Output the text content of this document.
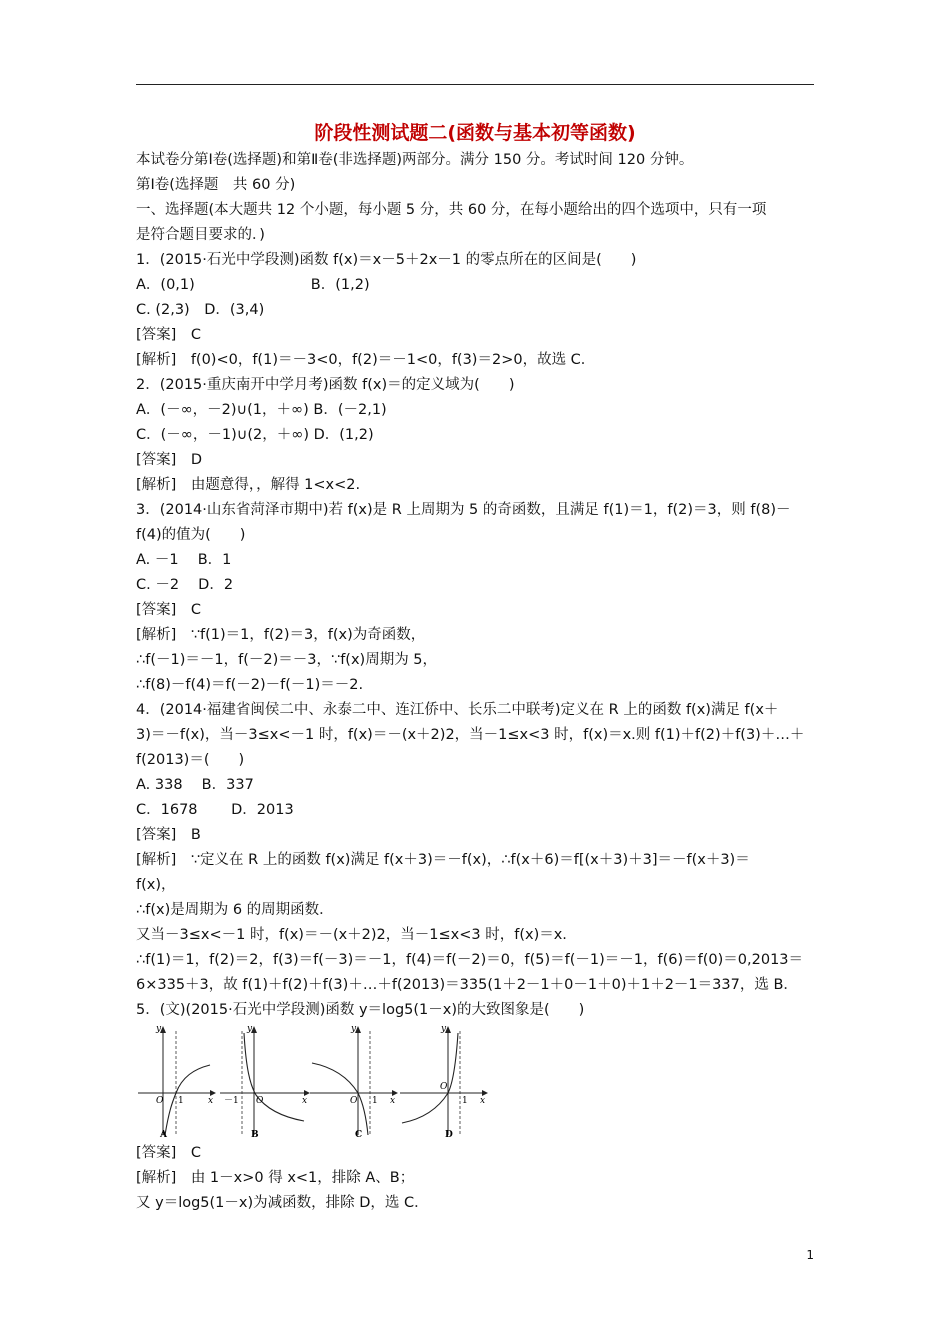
阶段性测试题二(函数与基本初等函数)
本试卷分第Ⅰ卷(选择题)和第Ⅱ卷(非选择题)两部分。满分 150 分。考试时间 120 分钟。
第Ⅰ卷(选择题　共 60 分)
一、选择题(本大题共 12 个小题，每小题 5 分，共 60 分，在每小题给出的四个选项中，只有一项
是符合题目要求的．)
1．(2015·石光中学段测)函数 f(x)＝x－5＋2x－1 的零点所在的区间是(　　)
A．(0,1)　　　　　　　　B．(1,2)
C. (2,3)　D．(3,4)
[答案]　C
[解析]　f(0)<0，f(1)＝－3<0，f(2)＝－1<0，f(3)＝2>0，故选 C．
2．(2015·重庆南开中学月考)函数 f(x)＝的定义域为(　　)
A．(－∞，－2)∪(1，＋∞) B．(－2,1)
C．(－∞，－1)∪(2，＋∞) D．(1,2)
[答案]　D
[解析]　由题意得，，解得 1<x<2.
3．(2014·山东省菏泽市期中)若 f(x)是 R 上周期为 5 的奇函数，且满足 f(1)＝1，f(2)＝3，则 f(8)－
f(4)的值为(　　)
A. －1　 B．1
C. －2　 D．2
[答案]　C
[解析]　∵f(1)＝1，f(2)＝3，f(x)为奇函数，
∴f(－1)＝－1，f(－2)＝－3，∵f(x)周期为 5，
∴f(8)－f(4)＝f(－2)－f(－1)＝－2.
4．(2014·福建省闽侯二中、永泰二中、连江侨中、长乐二中联考)定义在 R 上的函数 f(x)满足 f(x＋
3)＝－f(x)，当－3≤x<－1 时，f(x)＝－(x＋2)2，当－1≤x<3 时，f(x)＝x.则 f(1)＋f(2)＋f(3)＋…＋
f(2013)＝(　　)
A. 338　 B．337
C．1678　　 D．2013
[答案]　B
[解析]　∵定义在 R 上的函数 f(x)满足 f(x＋3)＝－f(x)，∴f(x＋6)＝f[(x＋3)＋3]＝－f(x＋3)＝
f(x)，
∴f(x)是周期为 6 的周期函数．
又当－3≤x<－1 时，f(x)＝－(x＋2)2，当－1≤x<3 时，f(x)＝x.
∴f(1)＝1，f(2)＝2，f(3)＝f(－3)＝－1，f(4)＝f(－2)＝0，f(5)＝f(－1)＝－1，f(6)＝f(0)＝0,2013＝
6×335＋3，故 f(1)＋f(2)＋f(3)＋…＋f(2013)＝335(1＋2－1＋0－1＋0)＋1＋2－1＝337，选 B．
5．(文)(2015·石光中学段测)函数 y＝log5(1－x)的大致图象是(　　)
y
x
O 1
A
y
x
O
－1
B
y
x
O 1
C
y
x
O
1
D
[答案]　C
[解析]　由 1－x>0 得 x<1，排除 A、B；
又 y＝log5(1－x)为减函数，排除 D，选 C．
1
